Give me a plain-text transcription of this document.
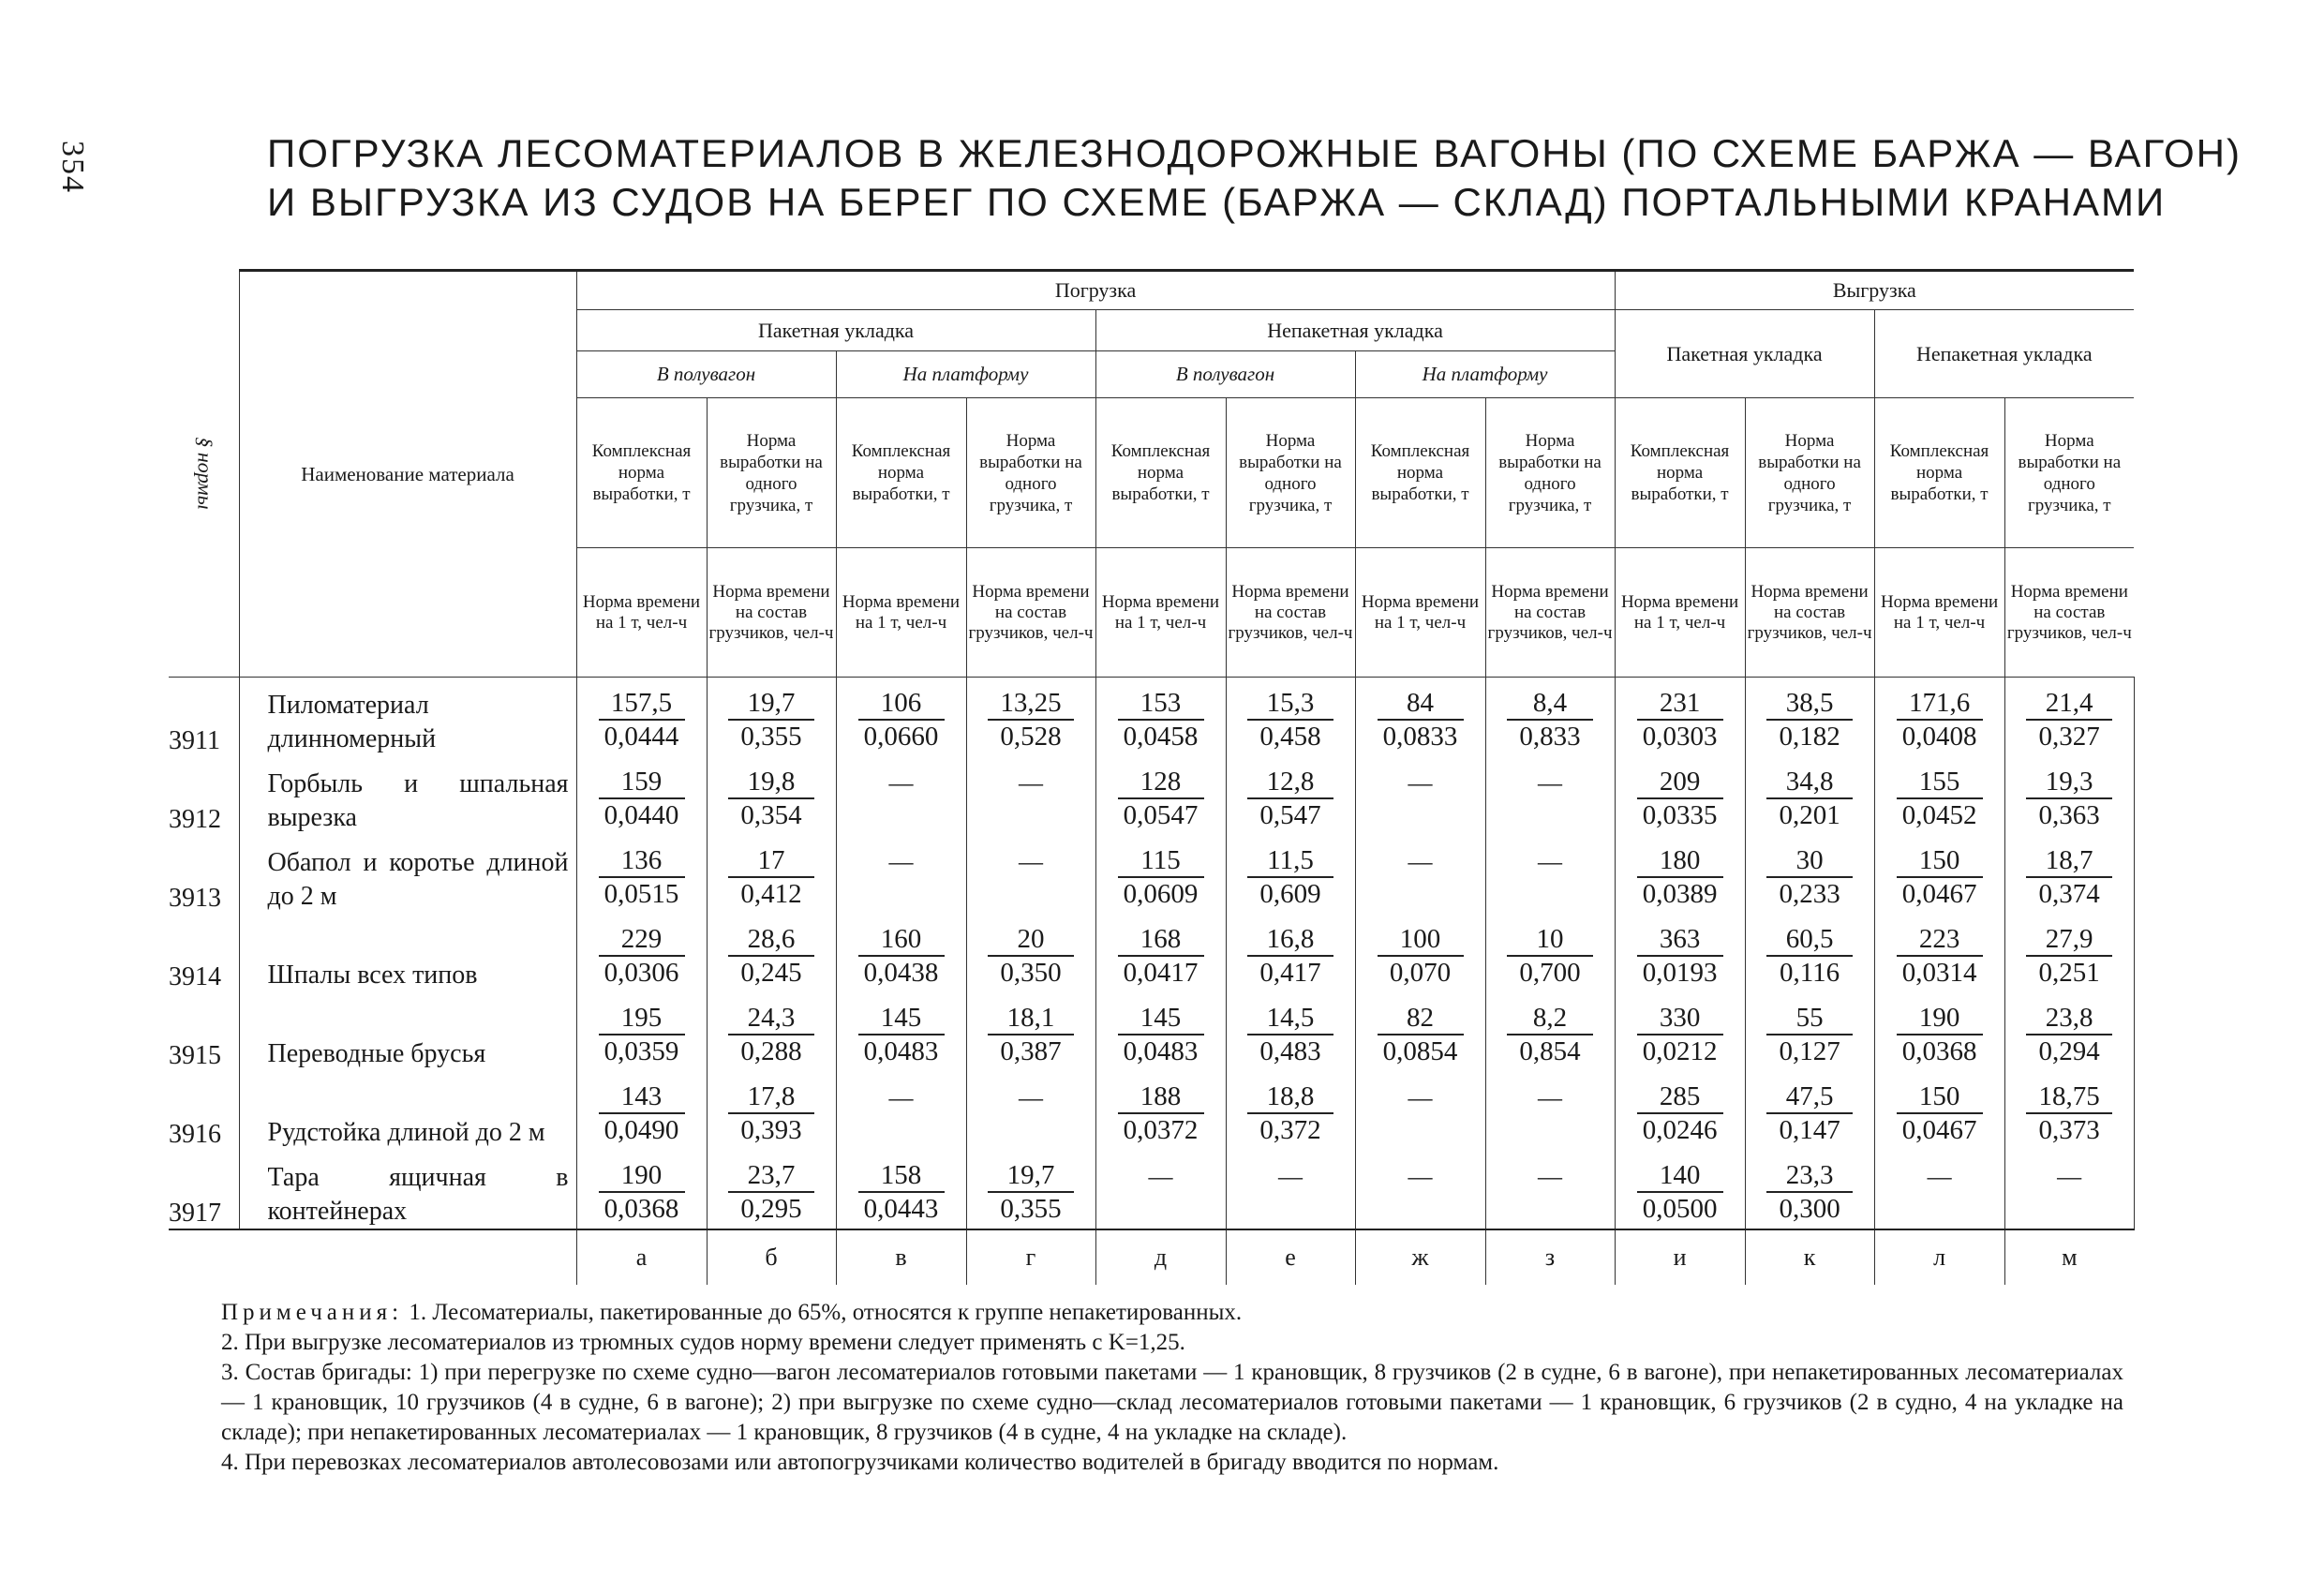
354	ПОГРУЗКА ЛЕСОМАТЕРИАЛОВ В ЖЕЛЕЗНОДОРОЖНЫЕ ВАГОНЫ (ПО СХЕМЕ БАРЖА — ВАГОН)
И ВЫГРУЗКА ИЗ СУДОВ НА БЕРЕГ ПО СХЕМЕ (БАРЖА — СКЛАД) ПОРТАЛЬНЫМИ КРАНАМИ
§ нормы	Наименование материала	Погрузка								Выгрузка			
		Пакетная укладка				Непакетная укладка				Пакетная укладка		Непакетная укладка	
		В полувагон		На платформу		В полувагон		На платформу					
		Комплексная норма выработки, т	Норма выработки на одного грузчика, т	Комплексная норма выработки, т	Норма выработки на одного грузчика, т	Комплексная норма выработки, т	Норма выработки на одного грузчика, т	Комплексная норма выработки, т	Норма выработки на одного грузчика, т	Комплексная норма выработки, т	Норма выработки на одного грузчика, т	Комплексная норма выработки, т	Норма выработки на одного грузчика, т
		Норма времени на 1 т, чел-ч	Норма времени на состав грузчиков, чел-ч	Норма времени на 1 т, чел-ч	Норма времени на состав грузчиков, чел-ч	Норма времени на 1 т, чел-ч	Норма времени на состав грузчиков, чел-ч	Норма времени на 1 т, чел-ч	Норма времени на состав грузчиков, чел-ч	Норма времени на 1 т, чел-ч	Норма времени на состав грузчиков, чел-ч	Норма времени на 1 т, чел-ч	Норма времени на состав грузчиков, чел-ч
3911	Пиломатериал длинномерный	157,5	19,7	106	13,25	153	15,3	84	8,4	231	38,5	171,6	21,4
		0,0444	0,355	0,0660	0,528	0,0458	0,458	0,0833	0,833	0,0303	0,182	0,0408	0,327
3912	Горбыль и шпальная вырезка	159	19,8	—	—	128	12,8	—	—	209	34,8	155	19,3
		0,0440	0,354			0,0547	0,547			0,0335	0,201	0,0452	0,363
3913	Обапол и коротье длиной до 2 м	136	17	—	—	115	11,5	—	—	180	30	150	18,7
		0,0515	0,412			0,0609	0,609			0,0389	0,233	0,0467	0,374
3914	Шпалы всех типов	229	28,6	160	20	168	16,8	100	10	363	60,5	223	27,9
		0,0306	0,245	0,0438	0,350	0,0417	0,417	0,070	0,700	0,0193	0,116	0,0314	0,251
3915	Переводные брусья	195	24,3	145	18,1	145	14,5	82	8,2	330	55	190	23,8
		0,0359	0,288	0,0483	0,387	0,0483	0,483	0,0854	0,854	0,0212	0,127	0,0368	0,294
3916	Рудстойка длиной до 2 м	143	17,8	—	—	188	18,8	—	—	285	47,5	150	18,75
		0,0490	0,393			0,0372	0,372			0,0246	0,147	0,0467	0,373
3917	Тара ящичная в контейнерах	190	23,7	158	19,7	—	—	—	—	140	23,3	—	—
		0,0368	0,295	0,0443	0,355					0,0500	0,300		
		а	б	в	г	д	е	ж	з	и	к	л	м

Примечания: 1. Лесоматериалы, пакетированные до 65%, относятся к группе непакетированных.

2. При выгрузке лесоматериалов из трюмных судов норму времени следует применять с K=1,25.

3. Состав бригады: 1) при перегрузке по схеме судно—вагон лесоматериалов готовыми пакетами — 1 крановщик, 8 грузчиков (2 в судне, 6 в вагоне), при непакетированных лесоматериалах — 1 крановщик, 10 грузчиков (4 в судне, 6 в вагоне); 2) при выгрузке по схеме судно—склад лесоматериалов готовыми пакетами — 1 крановщик, 6 грузчиков (2 в судно, 4 на укладке на складе); при непакетированных лесоматериалах — 1 крановщик, 8 грузчиков (4 в судне, 4 на укладке на складе).

4. При перевозках лесоматериалов автолесовозами или автопогрузчиками количество водителей в бригаду вводится по нормам.
